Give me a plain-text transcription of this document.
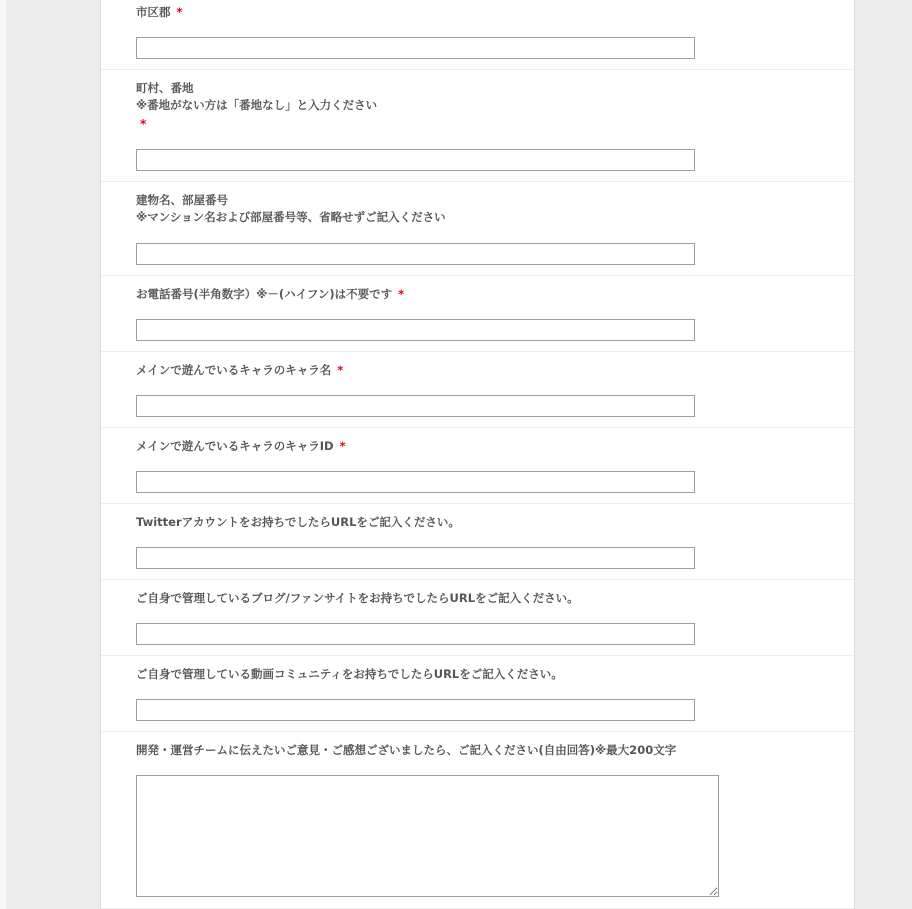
市区郡 *
町村、番地
※番地がない方は「番地なし」と入力ください
*
建物名、部屋番号
※マンション名および部屋番号等、省略せずご記入ください
お電話番号(半角数字）※－(ハイフン)は不要です *
メインで遊んでいるキャラのキャラ名 *
メインで遊んでいるキャラのキャラID *
Twitterアカウントをお持ちでしたらURLをご記入ください。
ご自身で管理しているブログ/ファンサイトをお持ちでしたらURLをご記入ください。
ご自身で管理している動画コミュニティをお持ちでしたらURLをご記入ください。
開発・運営チームに伝えたいご意見・ご感想ございましたら、ご記入ください(自由回答)※最大200文字
